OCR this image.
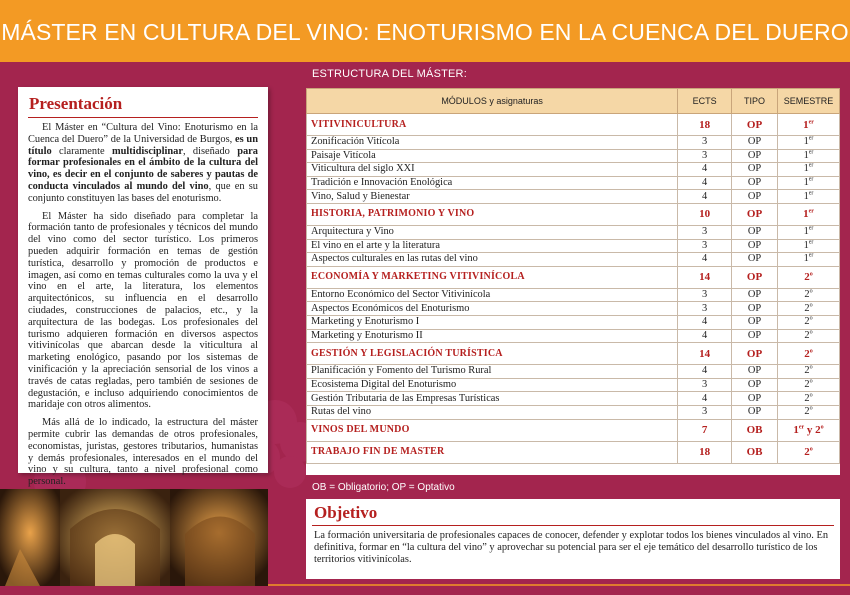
MÁSTER EN CULTURA DEL VINO: ENOTURISMO EN LA CUENCA DEL DUERO
Presentación

El Máster en “Cultura del Vino: Enoturismo en la Cuenca del Duero” de la Universidad de Burgos, es un título claramente multidisciplinar, diseñado para formar profesionales en el ámbito de la cultura del vino, es decir en el conjunto de saberes y pautas de conducta vinculados al mundo del vino, que en su conjunto constituyen las bases del enoturismo.

El Máster ha sido diseñado para completar la formación tanto de profesionales y técnicos del mundo del vino como del sector turístico. Los primeros pueden adquirir formación en temas de gestión turística, desarrollo y promoción de productos e imagen, así como en temas culturales como la uva y el vino en el arte, la literatura, los elementos arquitectónicos, su influencia en el desarrollo ciudades, construcciones de palacios, etc., y la arquitectura de las bodegas. Los profesionales del turismo adquieren formación en diversos aspectos vitivinícolas que abarcan desde la viticultura al marketing enológico, pasando por los sistemas de vinificación y la apreciación sensorial de los vinos a través de catas regladas, pero también de sesiones de degustación, e incluso adquiriendo conocimientos de maridaje con otros alimentos.

Más allá de lo indicado, la estructura del máster permite cubrir las demandas de otros profesionales, economistas, juristas, gestores tributarios, humanistas y demás profesionales, interesados en el mundo del vino y su cultura, tanto a nivel profesional como personal.

ESTRUCTURA DEL MÁSTER:
MÓDULOS y asignaturas	ECTS	TIPO	SEMESTRE
VITIVINICULTURA	18	OP	1er
Zonificación Vitícola	3	OP	1er
Paisaje Vitícola	3	OP	1er
Viticultura del siglo XXI	4	OP	1er
Tradición e Innovación Enológica	4	OP	1er
Vino, Salud y Bienestar	4	OP	1er
HISTORIA, PATRIMONIO Y VINO	10	OP	1er
Arquitectura y Vino	3	OP	1er
El vino en el arte y la literatura	3	OP	1er
Aspectos culturales en las rutas del vino	4	OP	1er
ECONOMÍA Y MARKETING VITIVINÍCOLA	14	OP	2$^o$
Entorno Económico del Sector Vitivinícola	3	OP	2$^o$
Aspectos Económicos del Enoturismo	3	OP	2$^o$
Marketing y Enoturismo I	4	OP	2$^o$
Marketing y Enoturismo II	4	OP	2$^o$
GESTIÓN Y LEGISLACIÓN TURÍSTICA	14	OP	2$^o$
Planificación y Fomento del Turismo Rural	4	OP	2$^o$
Ecosistema Digital del Enoturismo	3	OP	2$^o$
Gestión Tributaria de las Empresas Turísticas	4	OP	2$^o$
Rutas del vino	3	OP	2$^o$
VINOS DEL MUNDO	7	OB	1er y 2$^o$
TRABAJO FIN DE MASTER	18	OB	2$^o$
OB = Obligatorio; OP = Optativo
Objetivo
La formación universitaria de profesionales capaces de conocer, defender y explotar todos los bienes vinculados al vino. En definitiva, formar en “la cultura del vino” y aprovechar su potencial para ser el eje temático del desarrollo turístico de los territorios vitivinícolas.
